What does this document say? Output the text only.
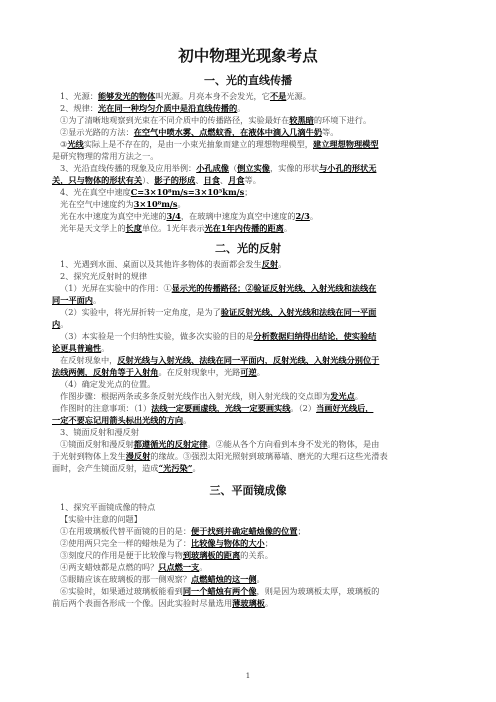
初中物理光现象考点
一、光的直线传播
1、光源：能够发光的物体叫光源。月亮本身不会发光，它不是光源。
2、规律：光在同一种均匀介质中是沿直线传播的。
①为了清晰地观察到光束在不同介质中的传播路径，实验最好在较黑暗的环境下进行。
②显示光路的方法：在空气中喷水雾、点燃蚊香，在液体中滴入几滴牛奶等。
③光线实际上是不存在的，是由一小束光抽象而建立的理想物理模型，建立理想物理模型
是研究物理的常用方法之一。
3、光沿直线传播的现象及应用举例：小孔成像（倒立实像，实像的形状与小孔的形状无
关，只与物体的形状有关）、影子的形成、日食、月食等。
4、光在真空中速度C=3×10⁸m/s=3×10⁵km/s；
光在空气中速度约为3×10⁸m/s。
光在水中速度为真空中光速的3/4，在玻璃中速度为真空中速度的2/3。
光年是天文学上的长度单位。1光年表示光在1年内传播的距离。
二、光的反射
1、光遇到水面、桌面以及其他许多物体的表面都会发生反射。
2、探究光反射时的规律
（1）光屏在实验中的作用：①显示光的传播路径；②验证反射光线、入射光线和法线在
同一平面内。
（2）实验中，将光屏折转一定角度，是为了验证反射光线、入射光线和法线在同一平面
内。
（3）本实验是一个归纳性实验，做多次实验的目的是分析数据归纳得出结论，使实验结
论更具普遍性。
在反射现象中，反射光线与入射光线、法线在同一平面内，反射光线、入射光线分别位于
法线两侧，反射角等于入射角。在反射现象中，光路可逆。
（4）确定发光点的位置。
作图步骤：根据两条或多条反射光线作出入射光线，则入射光线的交点即为发光点。
作图时的注意事项：（1）法线一定要画虚线，光线一定要画实线。（2）当画好光线后，
一定不要忘记用箭头标出光线的方向。
3、镜面反射和漫反射
①镜面反射和漫反射都遵循光的反射定律。②能从各个方向看到本身不发光的物体，是由
于光射到物体上发生漫反射的缘故。③强烈太阳光照射到玻璃幕墙、磨光的大理石这些光滑表
面时，会产生镜面反射，造成“光污染”。
三、平面镜成像
1、探究平面镜成像的特点
【实验中注意的问题】
①在用玻璃板代替平面镜的目的是：便于找到并确定蜡烛像的位置；
②使用两只完全一样的蜡烛是为了：比较像与物体的大小；
③刻度尺的作用是便于比较像与物到玻璃板的距离的关系。
④两支蜡烛都是点燃的吗？只点燃一支。
⑤眼睛应该在玻璃板的那一侧观察？点燃蜡烛的这一侧。
⑥实验时，如果通过玻璃板能看到同一个蜡烛有两个像，则是因为玻璃板太厚，玻璃板的
前后两个表面各形成一个像。因此实验时尽量选用薄玻璃板。
1
